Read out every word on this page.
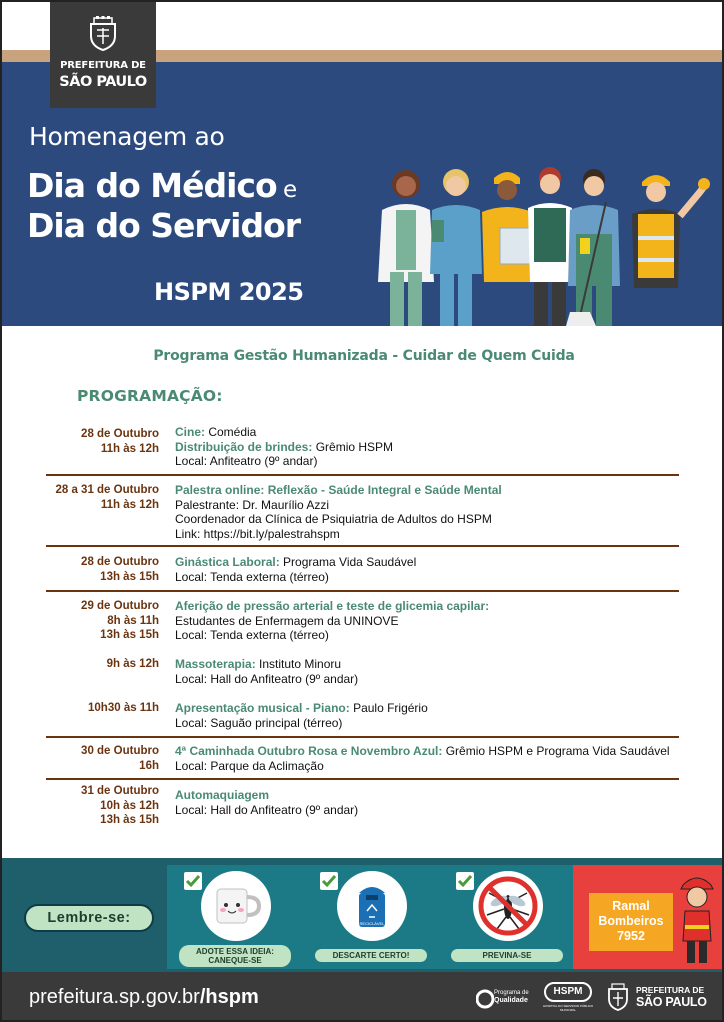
PREFEITURA DE
SÃO PAULO
Homenagem ao
Dia do Médico e
Dia do Servidor
HSPM 2025
Programa Gestão Humanizada - Cuidar de Quem Cuida
PROGRAMAÇÃO:
28 de Outubro
11h às 12h
Cine: Comédia
Distribuição de brindes: Grêmio HSPM
Local: Anfiteatro (9º andar)
28 a 31 de Outubro
11h às 12h
Palestra online: Reflexão - Saúde Integral e Saúde Mental
Palestrante: Dr. Maurílio Azzi
Coordenador da Clínica de Psiquiatria de Adultos do HSPM
Link: https://bit.ly/palestrahspm
28 de Outubro
13h às 15h
Ginástica Laboral: Programa Vida Saudável
Local: Tenda externa (térreo)
29 de Outubro
8h às 11h
13h às 15h
Aferição de pressão arterial e teste de glicemia capilar:
Estudantes de Enfermagem da UNINOVE
Local: Tenda externa (térreo)
9h às 12h Massoterapia: Instituto Minoru
Local: Hall do Anfiteatro (9º andar)
10h30 às 11h Apresentação musical - Piano: Paulo Frigério
Local: Saguão principal (térreo)
30 de Outubro
16h
4ª Caminhada Outubro Rosa e Novembro Azul: Grêmio HSPM e Programa Vida Saudável
Local: Parque da Aclimação
31 de Outubro
10h às 12h
13h às 15h
Automaquiagem
Local: Hall do Anfiteatro (9º andar)
Lembre-se:
ADOTE ESSA IDEIA: CANEQUE-SE
RECICLÁVEL
DESCARTE CERTO!	PREVINA-SE
Ramal
Bombeiros
7952
prefeitura.sp.gov.br/hspm	Programa de
Qualidade
HSPM
HOSPITAL DO SERVIDOR PÚBLICO MUNICIPAL
PREFEITURA DE
SÃO PAULO
